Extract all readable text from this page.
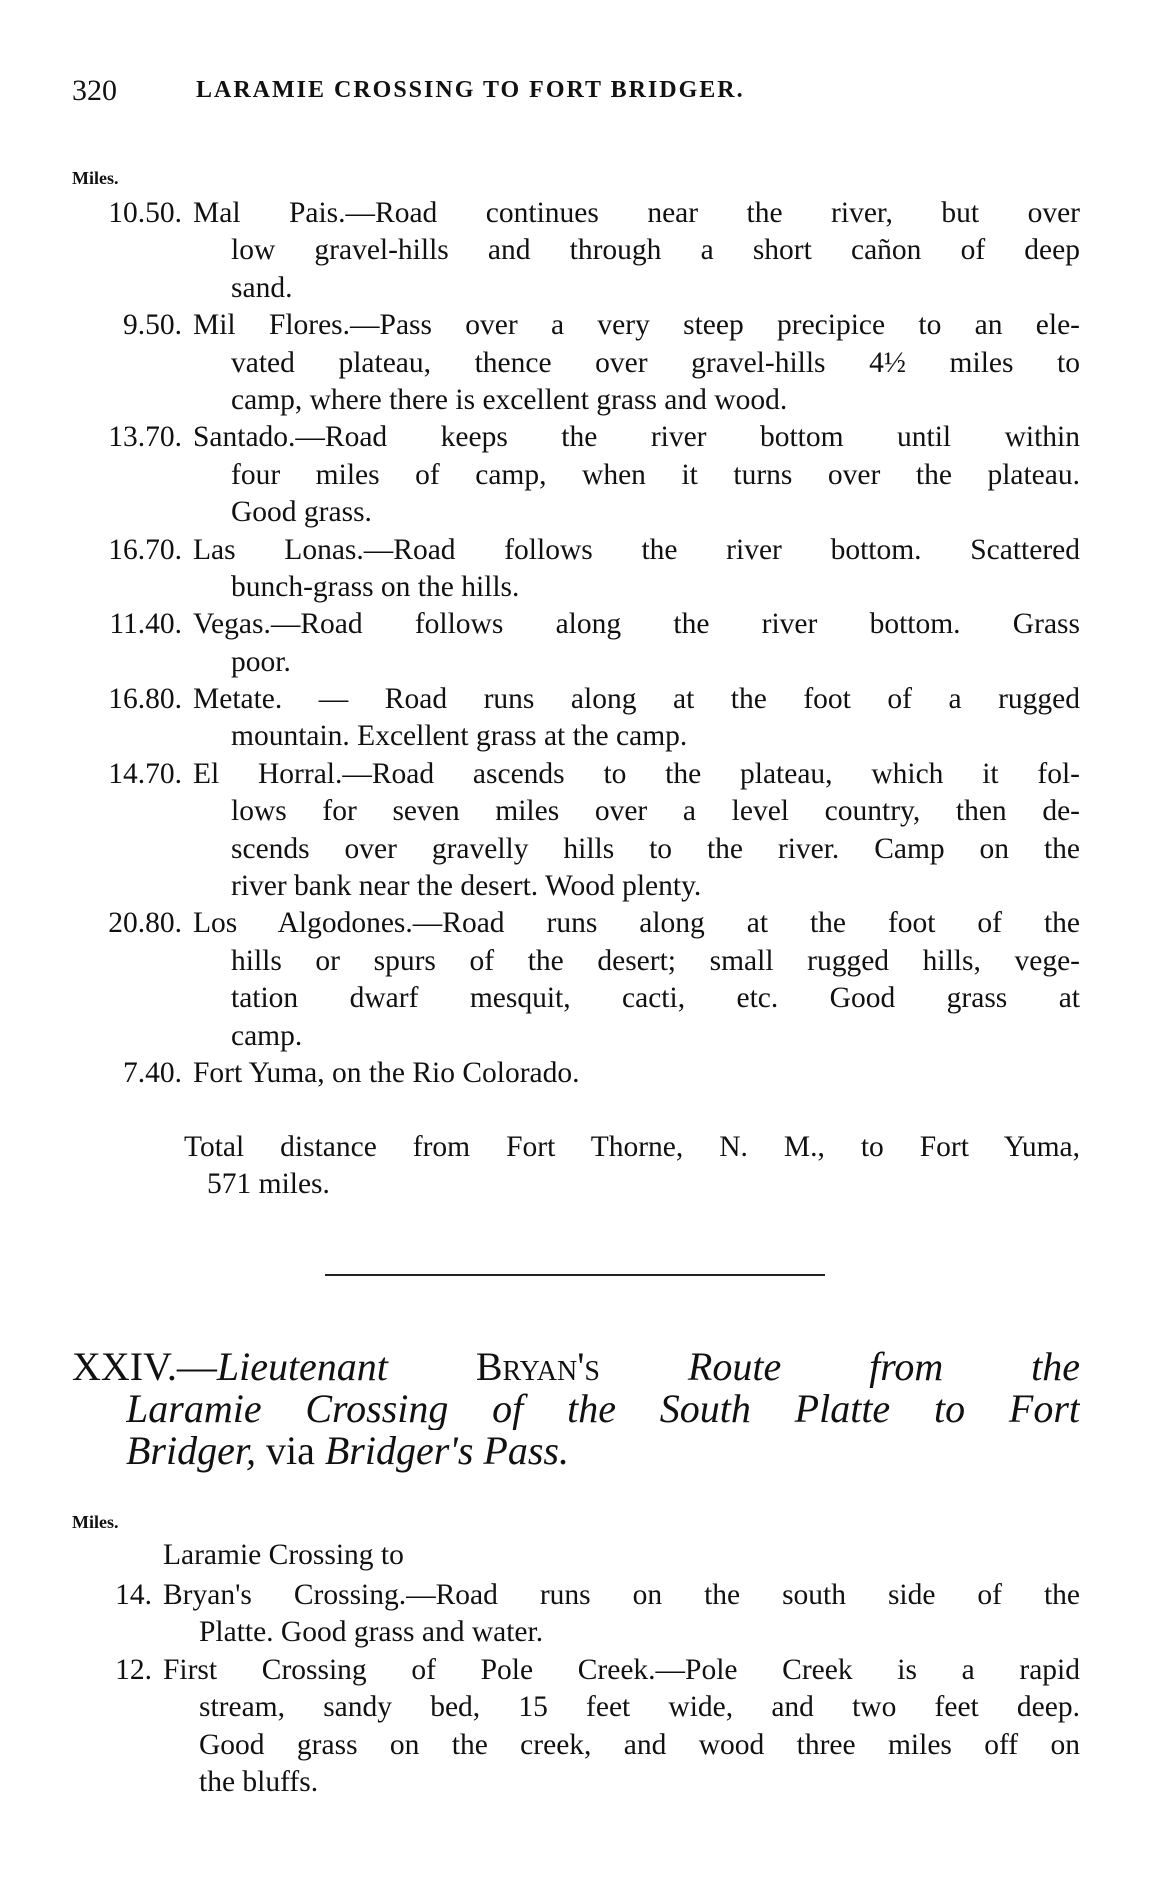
320	LARAMIE CROSSING TO FORT BRIDGER.
Miles.
10.50. Mal Pais.—Road continues near the river, but over
low gravel-hills and through a short cañon of deep
sand.
9.50. Mil Flores.—Pass over a very steep precipice to an ele-
vated plateau, thence over gravel-hills 4½ miles to
camp, where there is excellent grass and wood.
13.70. Santado.—Road keeps the river bottom until within
four miles of camp, when it turns over the plateau.
Good grass.
16.70. Las Lonas.—Road follows the river bottom. Scattered
bunch-grass on the hills.
11.40. Vegas.—Road follows along the river bottom. Grass
poor.
16.80. Metate. — Road runs along at the foot of a rugged
mountain. Excellent grass at the camp.
14.70. El Horral.—Road ascends to the plateau, which it fol-
lows for seven miles over a level country, then de-
scends over gravelly hills to the river. Camp on the
river bank near the desert. Wood plenty.
20.80. Los Algodones.—Road runs along at the foot of the
hills or spurs of the desert; small rugged hills, vege-
tation dwarf mesquit, cacti, etc. Good grass at
camp.
7.40. Fort Yuma, on the Rio Colorado.
Total distance from Fort Thorne, N. M., to Fort Yuma,
571 miles.
XXIV.—Lieutenant Bryan's Route from the
Laramie Crossing of the South Platte to Fort
Bridger, via Bridger's Pass.
Miles.
Laramie Crossing to
14. Bryan's Crossing.—Road runs on the south side of the
Platte. Good grass and water.
12. First Crossing of Pole Creek.—Pole Creek is a rapid
stream, sandy bed, 15 feet wide, and two feet deep.
Good grass on the creek, and wood three miles off on
the bluffs.
